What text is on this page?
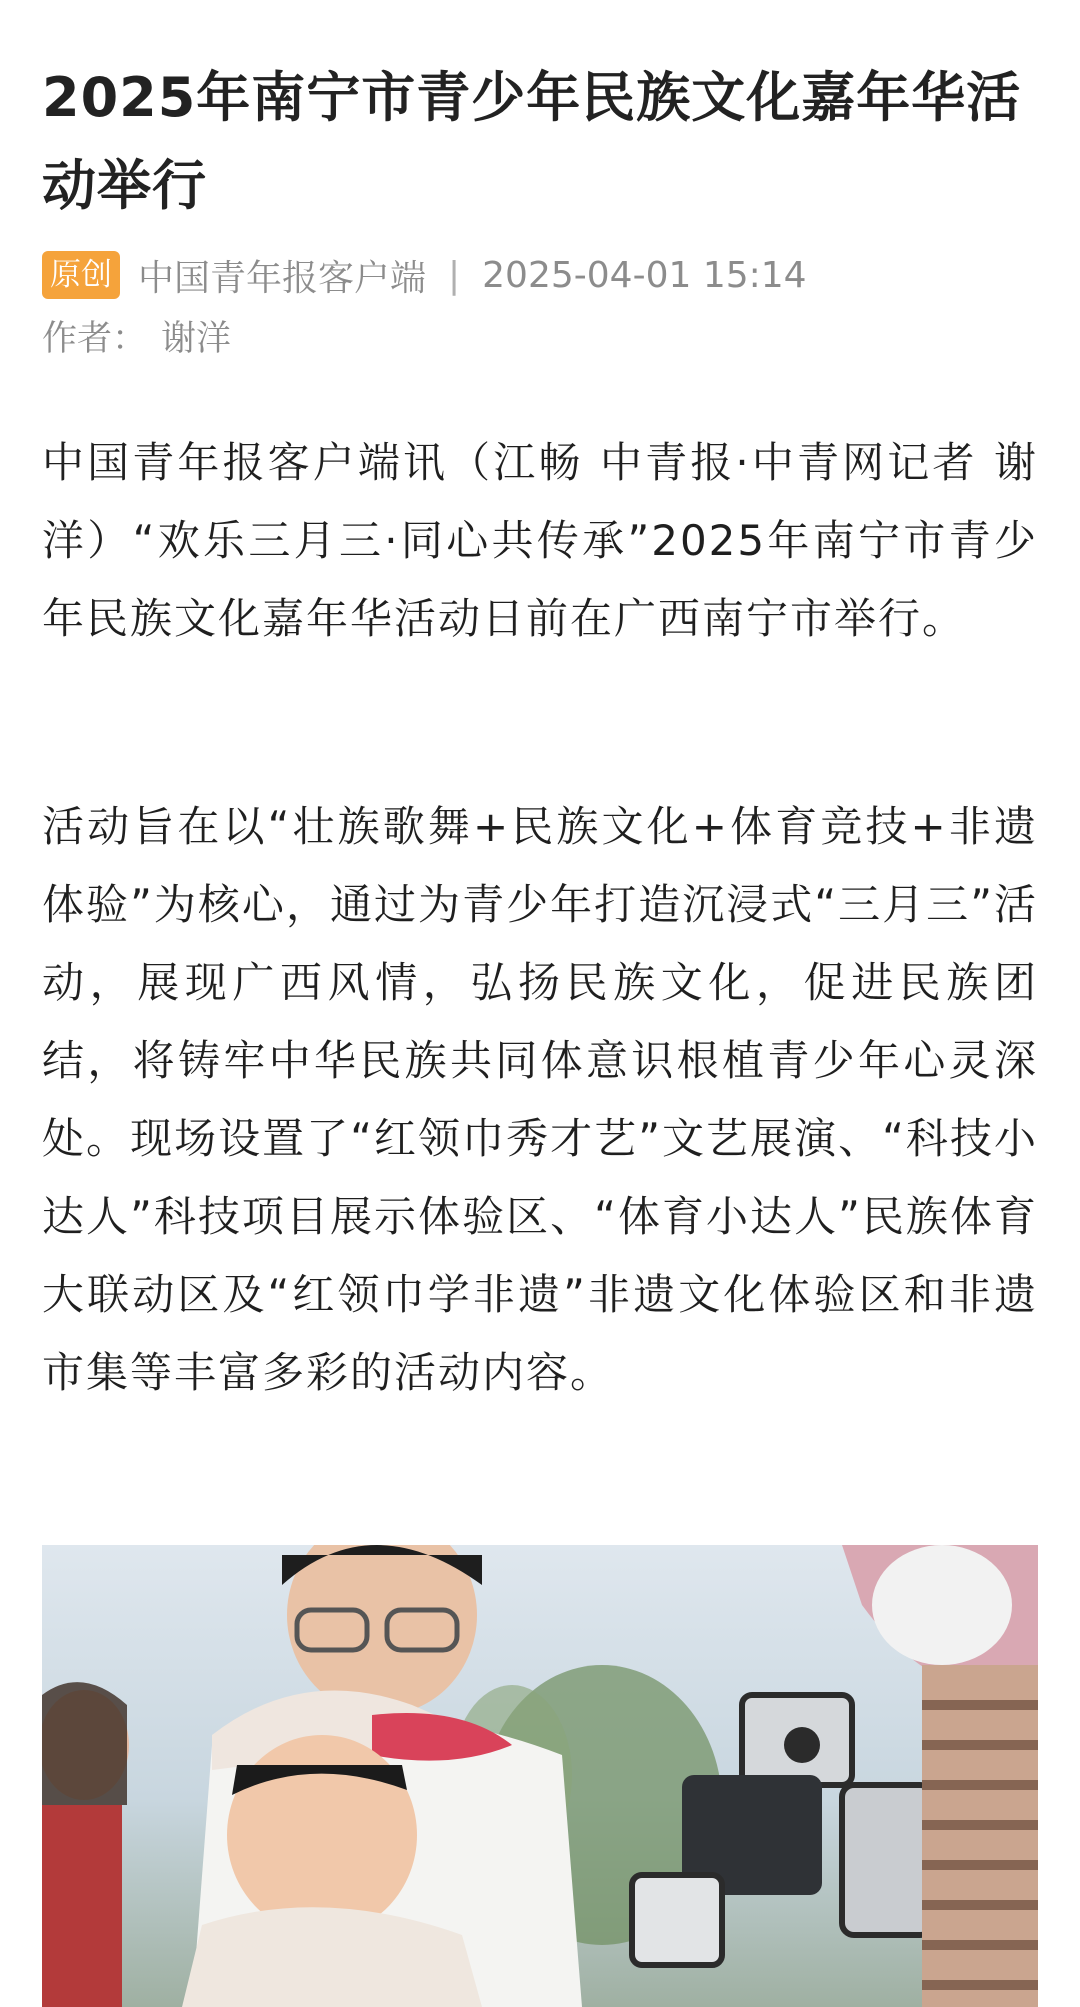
2025年南宁市青少年民族文化嘉年华活动举行
原创 中国青年报客户端 | 2025-04-01 15:14
作者： 谢洋

中国青年报客户端讯（江畅 中青报·中青网记者 谢洋）“欢乐三月三·同心共传承”2025年南宁市青少年民族文化嘉年华活动日前在广西南宁市举行。

活动旨在以“壮族歌舞+民族文化+体育竞技+非遗体验”为核心，通过为青少年打造沉浸式“三月三”活动，展现广西风情，弘扬民族文化，促进民族团结，将铸牢中华民族共同体意识根植青少年心灵深处。现场设置了“红领巾秀才艺”文艺展演、“科技小达人”科技项目展示体验区、“体育小达人”民族体育大联动区及“红领巾学非遗”非遗文化体验区和非遗市集等丰富多彩的活动内容。
